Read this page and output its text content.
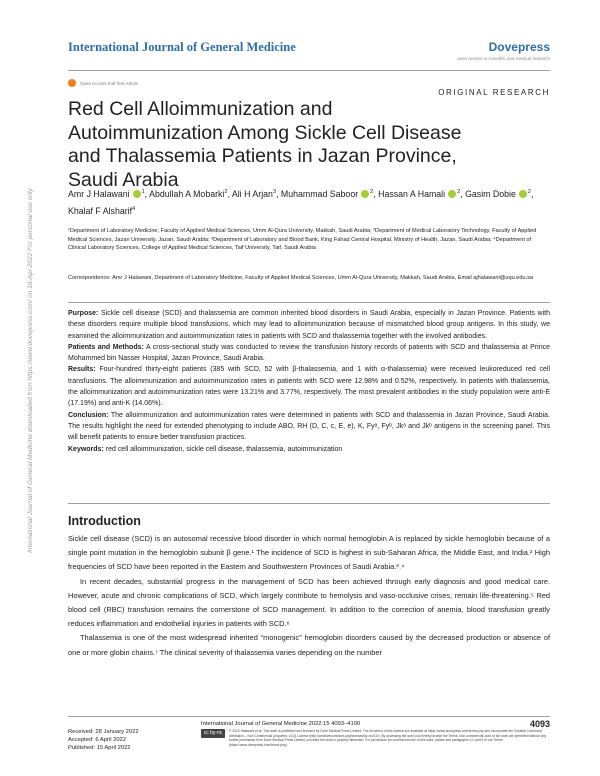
International Journal of General Medicine	Dovepress
open access to scientific and medical research
Open Access Full Text Article
ORIGINAL RESEARCH
Red Cell Alloimmunization and Autoimmunization Among Sickle Cell Disease and Thalassemia Patients in Jazan Province, Saudi Arabia
Amr J Halawani $^1$, Abdullah A Mobarki$^2$, Ali H Arjan$^3$, Muhammad Saboor $^2$, Hassan A Hamali $^2$, Gasim Dobie $^2$, Khalaf F Alsharif$^4$
¹Department of Laboratory Medicine, Faculty of Applied Medical Sciences, Umm Al-Qura University, Makkah, Saudi Arabia; ²Department of Medical Laboratory Technology, Faculty of Applied Medical Sciences, Jazan University, Jazan, Saudi Arabia; ³Department of Laboratory and Blood Bank, King Fahad Central Hospital, Ministry of Health, Jazan, Saudi Arabia; ⁴Department of Clinical Laboratory Sciences, College of Applied Medical Sciences, Taif University, Taif, Saudi Arabia
Correspondence: Amr J Halawani, Department of Laboratory Medicine, Faculty of Applied Medical Sciences, Umm Al-Qura University, Makkah, Saudi Arabia, Email ajhalawani@uqu.edu.sa

Purpose: Sickle cell disease (SCD) and thalassemia are common inherited blood disorders in Saudi Arabia, especially in Jazan Province. Patients with these disorders require multiple blood transfusions, which may lead to alloimmunization because of mismatched blood group antigens. In this study, we examined the alloimmunization and autoimmunization rates in patients with SCD and thalassemia together with the involved antibodies.

Patients and Methods: A cross-sectional study was conducted to review the transfusion history records of patients with SCD and thalassemia at Prince Mohammed bin Nasser Hospital, Jazan Province, Saudi Arabia.

Results: Four-hundred thirty-eight patients (385 with SCD, 52 with β-thalassemia, and 1 with α-thalassemia) were received leukoreduced red cell transfusions. The alloimmunization and autoimmunization rates in patients with SCD were 12.98% and 0.52%, respectively. In patients with thalassemia, the alloimmunization and autoimmunization rates were 13.21% and 3.77%, respectively. The most prevalent antibodies in the study population were anti-E (17.19%) and anti-K (14.06%).

Conclusion: The alloimmunization and autoimmunization rates were determined in patients with SCD and thalassemia in Jazan Province, Saudi Arabia. The results highlight the need for extended phenotyping to include ABO, RH (D, C, c, E, e), K, Fyᵃ, Fyᵇ, Jkᵃ and Jkᵇ antigens in the screening panel. This will benefit patients to ensure better transfusion practices.

Keywords: red cell alloimmunization, sickle cell disease, thalassemia, autoimmunization

Introduction

Sickle cell disease (SCD) is an autosomal recessive blood disorder in which normal hemoglobin A is replaced by sickle hemoglobin because of a single point mutation in the hemoglobin subunit β gene.¹ The incidence of SCD is highest in sub-Saharan Africa, the Middle East, and India.² High frequencies of SCD have been reported in the Eastern and Southwestern Provinces of Saudi Arabia.³˒⁴

In recent decades, substantial progress in the management of SCD has been achieved through early diagnosis and good medical care. However, acute and chronic complications of SCD, which largely contribute to hemolysis and vaso-occlusive crises, remain life-threatening.⁵ Red blood cell (RBC) transfusion remains the cornerstone of SCD management. In addition to the correction of anemia, blood transfusion greatly reduces inflammation and endothelial injuries in patients with SCD.⁶

Thalassemia is one of the most widespread inherited “monogenic” hemoglobin disorders caused by the decreased production or absence of one or more globin chains.⁷ The clinical severity of thalassemia varies depending on the number

International Journal of General Medicine downloaded from https://www.dovepress.com/ on 16-Apr-2022 For personal use only.
Received: 28 January 2022
Accepted: 6 April 2022
Published: 15 April 2022
International Journal of General Medicine 2022:15 4093–4100	4093
cc by-nc	© 2022 Halawani et al. This work is published and licensed by Dove Medical Press Limited. The full terms of this license are available at https://www.dovepress.com/terms.php and incorporate the Creative Commons Attribution – Non Commercial (unported, v3.0) License (http://creativecommons.org/licenses/by-nc/3.0/). By accessing the work you hereby accept the Terms. Non-commercial uses of the work are permitted without any further permission from Dove Medical Press Limited, provided the work is properly attributed. For permission for commercial use of this work, please see paragraphs 4.2 and 5 of our Terms (https://www.dovepress.com/terms.php).
